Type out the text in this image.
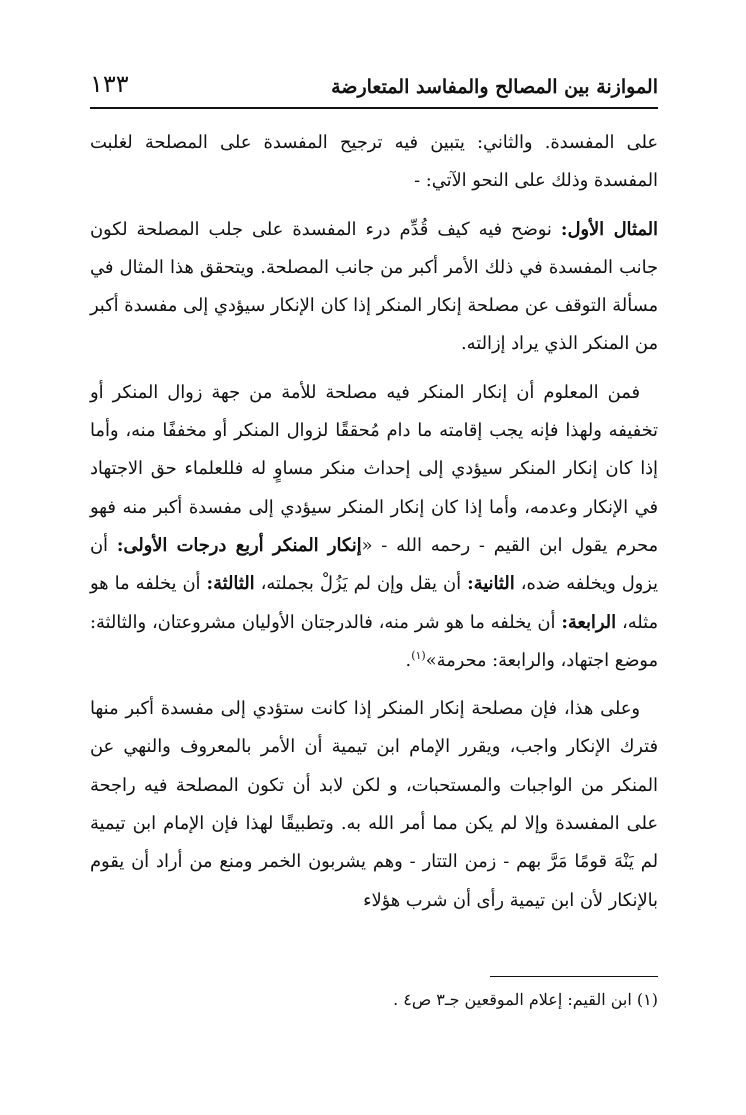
الموازنة بين المصالح والمفاسد المتعارضة
١٣٣

على المفسدة. والثاني: يتبين فيه ترجيح المفسدة على المصلحة لغلبت المفسدة وذلك على النحو الآتي: -

المثال الأول: نوضح فيه كيف قُدِّم درء المفسدة على جلب المصلحة لكون جانب المفسدة في ذلك الأمر أكبر من جانب المصلحة. ويتحقق هذا المثال في مسألة التوقف عن مصلحة إنكار المنكر إذا كان الإنكار سيؤدي إلى مفسدة أكبر من المنكر الذي يراد إزالته.

فمن المعلوم أن إنكار المنكر فيه مصلحة للأمة من جهة زوال المنكر أو تخفيفه ولهذا فإنه يجب إقامته ما دام مُحققًا لزوال المنكر أو مخففًا منه، وأما إذا كان إنكار المنكر سيؤدي إلى إحداث منكر مساوٍ له فللعلماء حق الاجتهاد في الإنكار وعدمه، وأما إذا كان إنكار المنكر سيؤدي إلى مفسدة أكبر منه فهو محرم يقول ابن القيم - رحمه الله - «إنكار المنكر أربع درجات الأولى: أن يزول ويخلفه ضده، الثانية: أن يقل وإن لم يَزُلْ بجملته، الثالثة: أن يخلفه ما هو مثله، الرابعة: أن يخلفه ما هو شر منه، فالدرجتان الأوليان مشروعتان، والثالثة: موضع اجتهاد، والرابعة: محرمة»$^{(١)}$.

وعلى هذا، فإن مصلحة إنكار المنكر إذا كانت ستؤدي إلى مفسدة أكبر منها فترك الإنكار واجب، ويقرر الإمام ابن تيمية أن الأمر بالمعروف والنهي عن المنكر من الواجبات والمستحبات، و لكن لابد أن تكون المصلحة فيه راجحة على المفسدة وإلا لم يكن مما أمر الله به. وتطبيقًا لهذا فإن الإمام ابن تيمية لم يَنْهَ قومًا مَرَّ بهم - زمن التتار - وهم يشربون الخمر ومنع من أراد أن يقوم بالإنكار لأن ابن تيمية رأى أن شرب هؤلاء

(١) ابن القيم: إعلام الموقعين جـ٣ ص٤ .
